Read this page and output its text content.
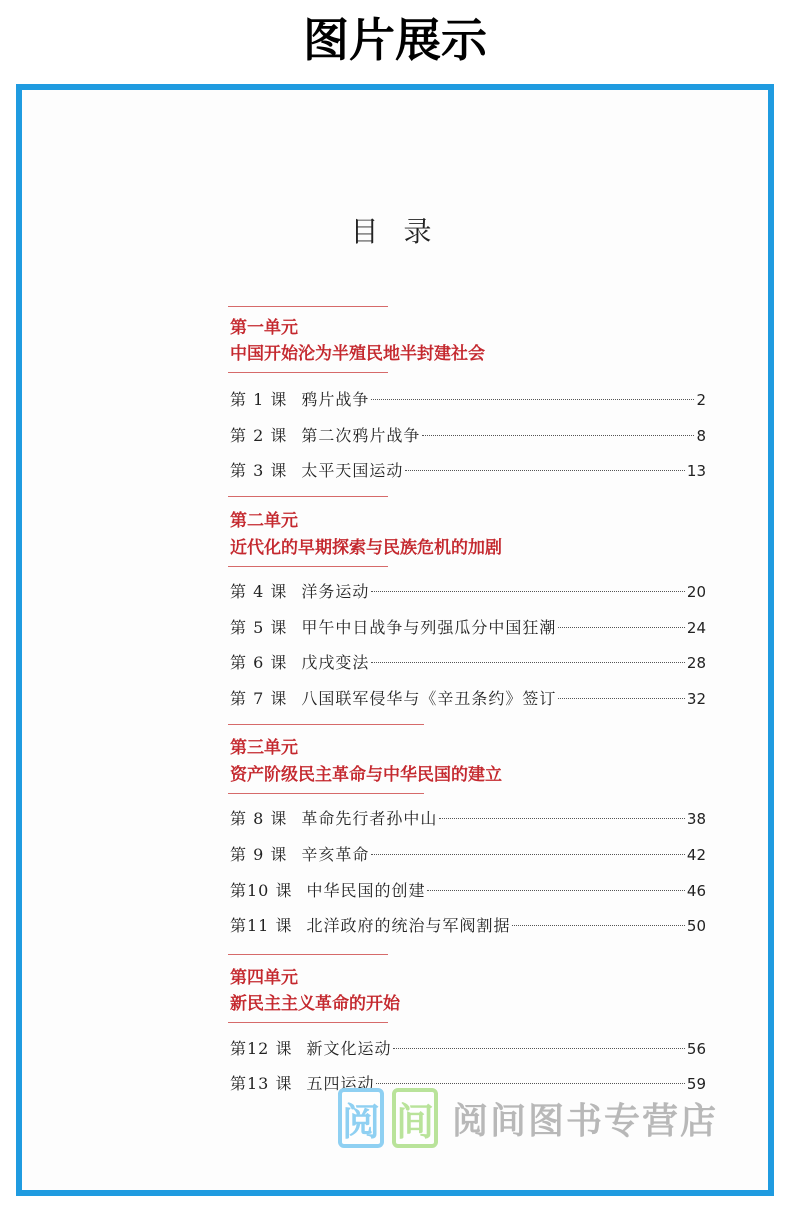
图片展示
目 录
第一单元
中国开始沦为半殖民地半封建社会
第 1 课 鸦片战争	2
第 2 课 第二次鸦片战争	8
第 3 课 太平天国运动	13
第二单元
近代化的早期探索与民族危机的加剧
第 4 课 洋务运动	20
第 5 课 甲午中日战争与列强瓜分中国狂潮	24
第 6 课 戊戌变法	28
第 7 课 八国联军侵华与《辛丑条约》签订	32
第三单元
资产阶级民主革命与中华民国的建立
第 8 课 革命先行者孙中山	38
第 9 课 辛亥革命	42
第10 课 中华民国的创建	46
第11 课 北洋政府的统治与军阀割据	50
第四单元
新民主主义革命的开始
第12 课 新文化运动	56
第13 课 五四运动	59
阅 间 阅间图书专营店
